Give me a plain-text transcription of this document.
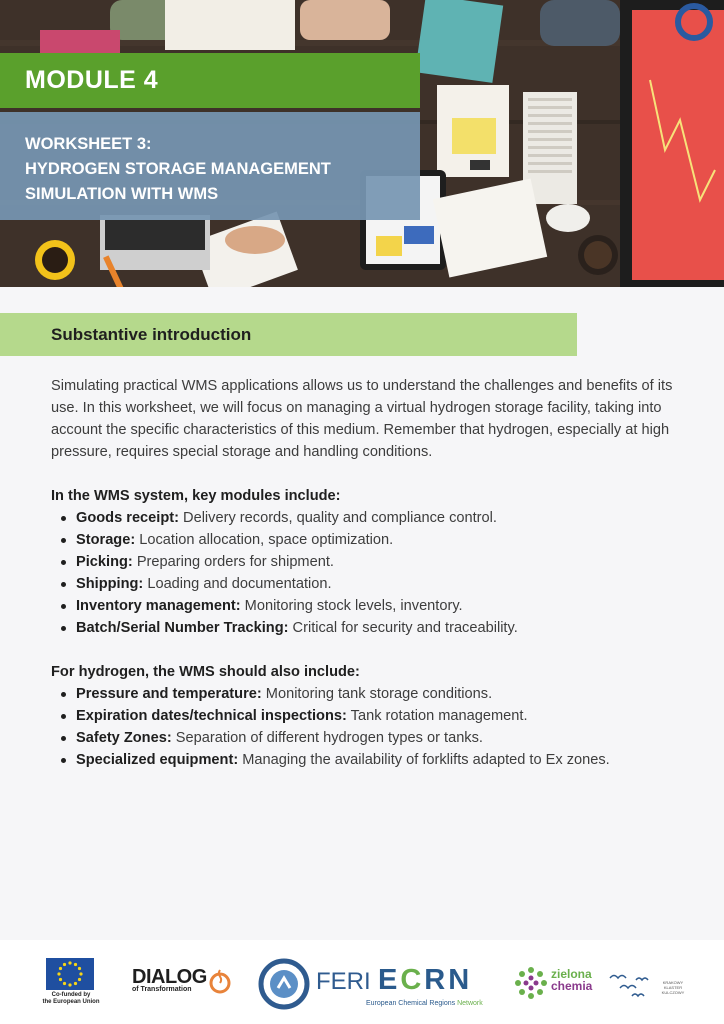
MODULE 4
WORKSHEET 3:
HYDROGEN STORAGE MANAGEMENT
SIMULATION WITH WMS
Substantive introduction

Simulating practical WMS applications allows us to understand the challenges and benefits of its use. In this worksheet, we will focus on managing a virtual hydrogen storage facility, taking into account the specific characteristics of this medium. Remember that hydrogen, especially at high pressure, requires special storage and handling conditions.

In the WMS system, key modules include:

Goods receipt: Delivery records, quality and compliance control.
Storage: Location allocation, space optimization.
Picking: Preparing orders for shipment.
Shipping: Loading and documentation.
Inventory management: Monitoring stock levels, inventory.
Batch/Serial Number Tracking: Critical for security and traceability.

For hydrogen, the WMS should also include:

Pressure and temperature: Monitoring tank storage conditions.
Expiration dates/technical inspections: Tank rotation management.
Safety Zones: Separation of different hydrogen types or tanks.
Specialized equipment: Managing the availability of forklifts adapted to Ex zones.
Co-funded by
the European Union
DIALOG
of Transformation	FERI ECRN
European Chemical Regions Network
zielona
chemia	KRAKOWY KLASTER KULCZOWY
